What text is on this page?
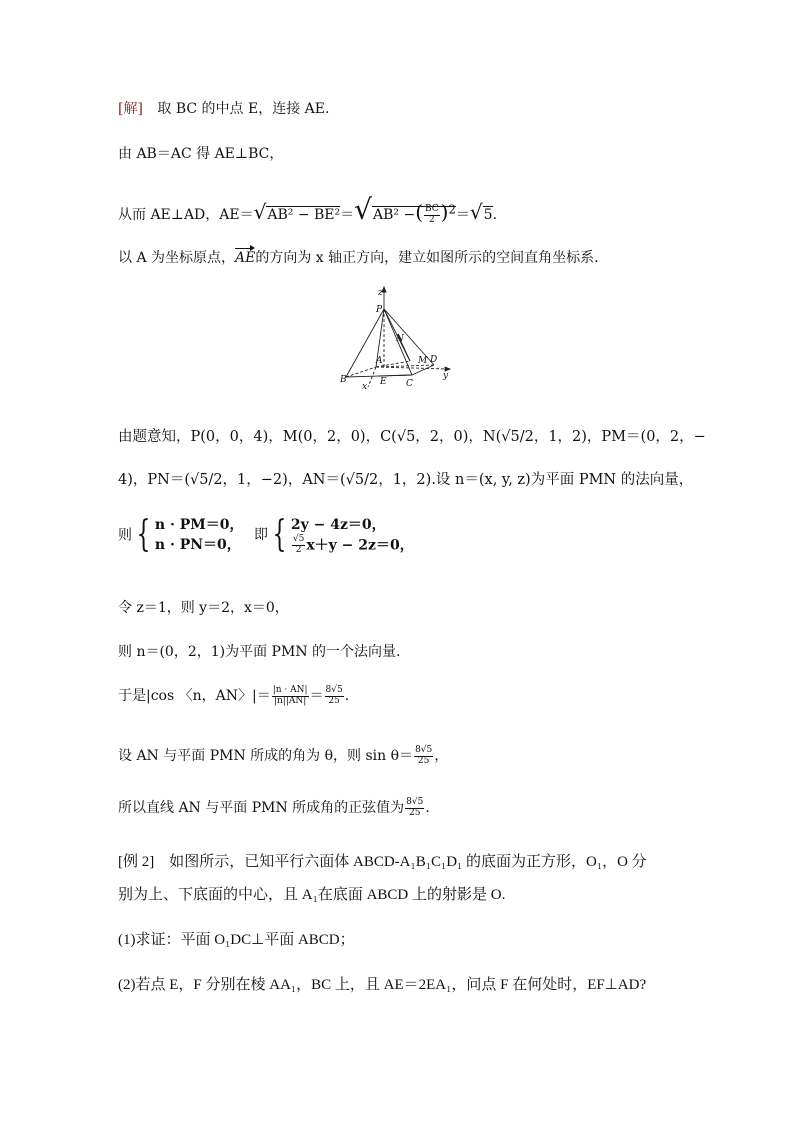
[解] 取 BC 的中点 E，连接 AE.
由 AB＝AC 得 AE⊥BC，
从而 AE⊥AD，AE＝√AB² − BE²＝√AB² −( $\frac{BC}{2} )^2=√5$.
以 A 为坐标原点，AE的方向为 x 轴正方向，建立如图所示的空间直角坐标系.
z
P
A
N
M D
y
B
x E C
由题意知，P(0，0，4)，M(0，2，0)，C(√5，2，0)，N(√5/2，1，2)，PM＝(0，2，−
4)，PN＝(√5/2，1，−2)，AN＝(√5/2，1，2).设 n＝(x, y, z)为平面 PMN 的法向量，
则 { n · PM＝0，
n · PN＝0，
即 { 2y − 4z＝0，
$\frac{√5}{2} x+y - 2z=0$，
令 z＝1，则 y＝2，x＝0，
则 n＝(0，2，1)为平面 PMN 的一个法向量.
于是|cos 〈n，AN〉|＝ $\frac{|n \cdot AN|}{|n||AN|} = \frac{8√5}{25}$ .
设 AN 与平面 PMN 所成的角为 θ，则 $\sin \theta= \frac{8√5}{25}$ ，
所以直线 AN 与平面 PMN 所成角的正弦值为 $\frac{8√5}{25}$ .
[例 2]　如图所示，已知平行六面体 ABCD-A₁B₁C₁D₁ 的底面为正方形，O₁，O 分
别为上、下底面的中心，且 A₁在底面 ABCD 上的射影是 O.
(1)求证：平面 O₁DC⊥平面 ABCD；
(2)若点 E，F 分别在棱 AA₁，BC 上，且 AE＝2EA₁，问点 F 在何处时，EF⊥AD?
